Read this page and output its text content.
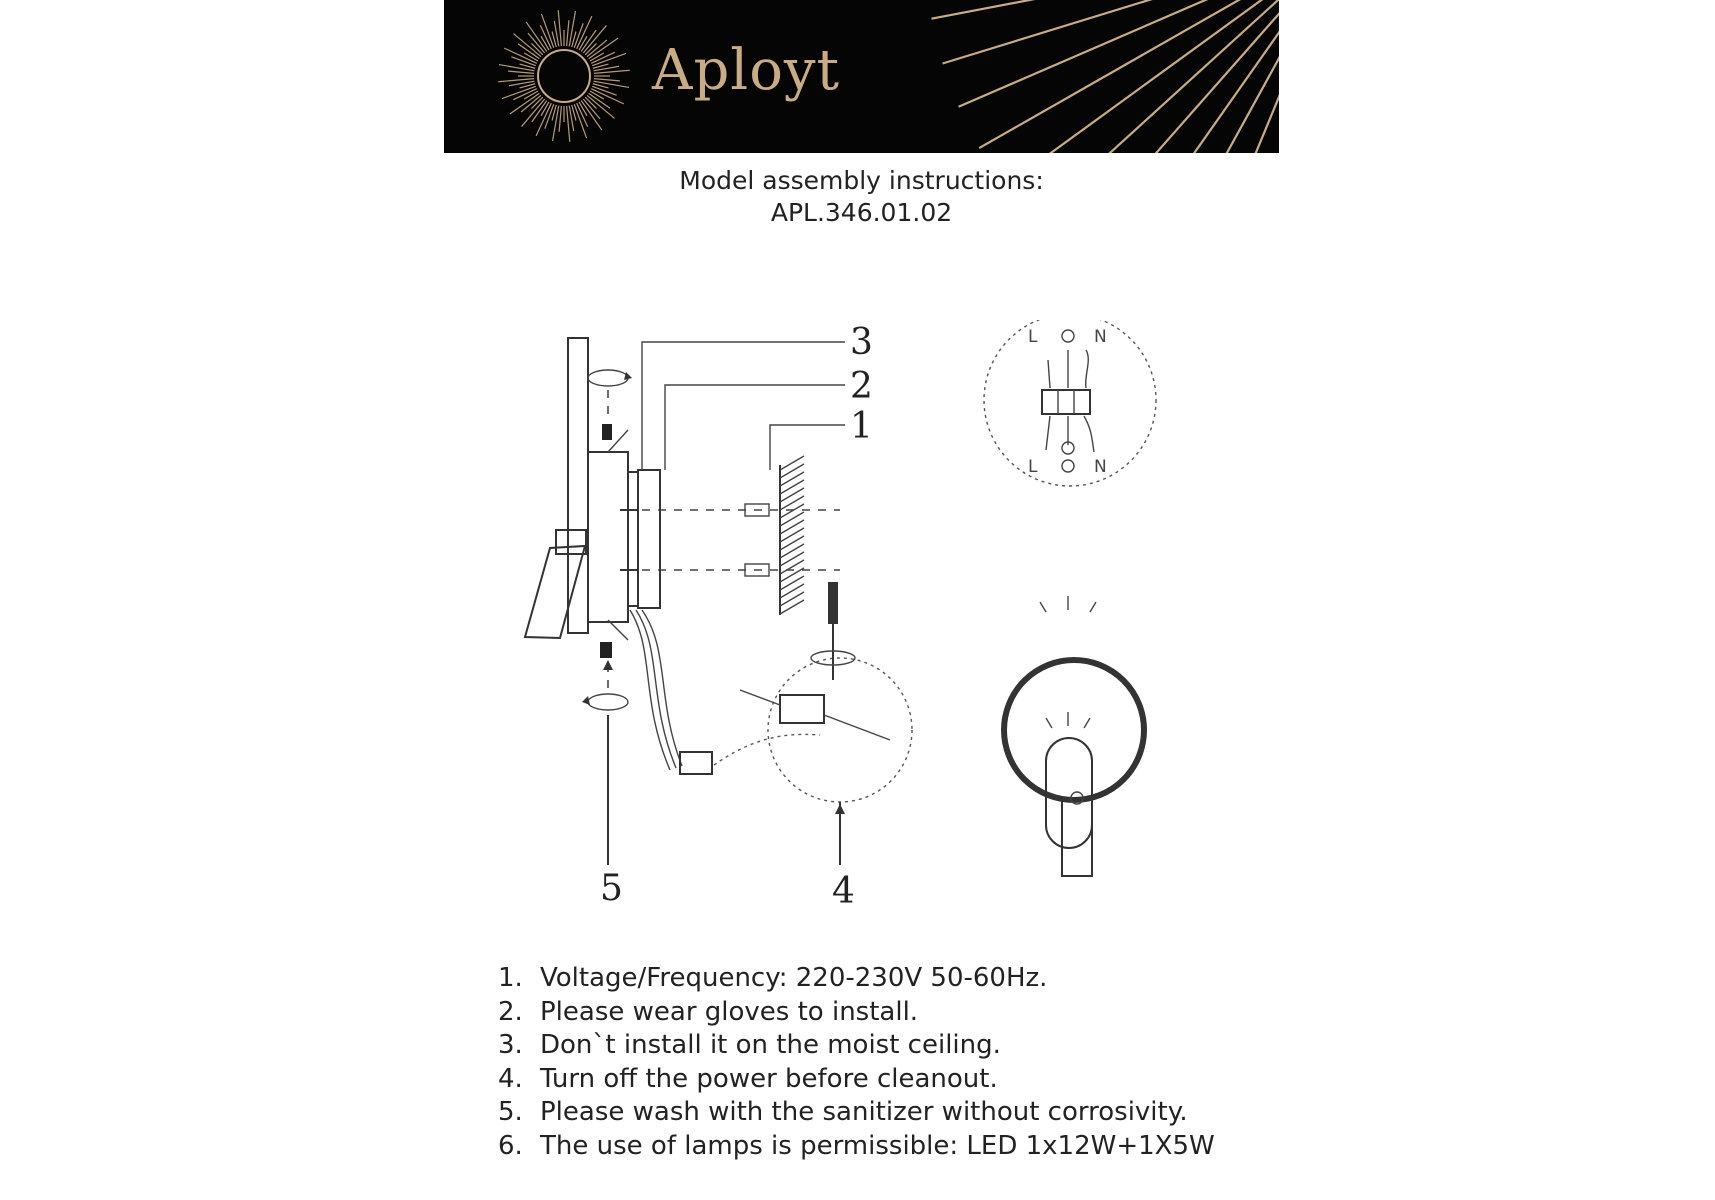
Aployt
Model assembly instructions:
APL.346.01.02
3
2
1
5	4
L	N
L	N
1. Voltage/Frequency: 220-230V 50-60Hz.
2. Please wear gloves to install.
3. Don`t install it on the moist ceiling.
4. Turn off the power before cleanout.
5. Please wash with the sanitizer without corrosivity.
6. The use of lamps is permissible: LED 1x12W+1X5W
